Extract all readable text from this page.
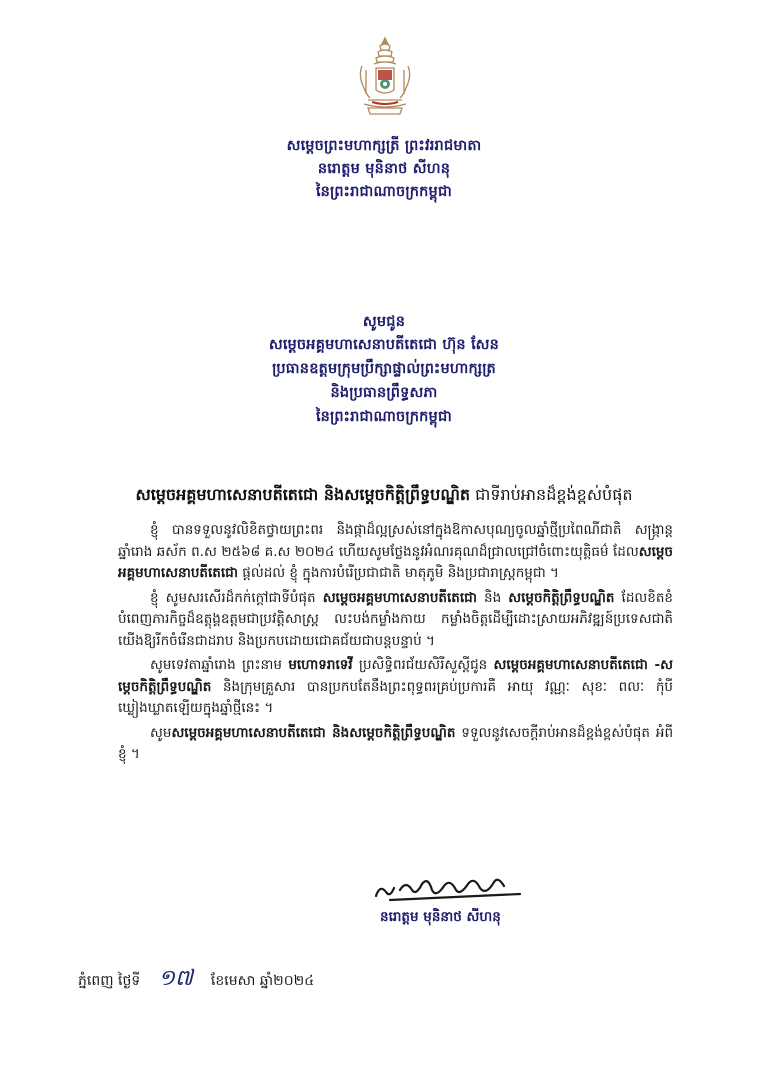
សម្តេចព្រះមហាក្សត្រី ព្រះវររាជមាតា
នរោត្តម មុនិនាថ សីហនុ
នៃព្រះរាជាណាចក្រកម្ពុជា
សូមជូន
សម្តេចអគ្គមហាសេនាបតីតេជោ ហ៊ុន សែន
ប្រធានឧត្តមក្រុមប្រឹក្សាផ្ទាល់ព្រះមហាក្សត្រ
និងប្រធានព្រឹទ្ធសភា
នៃព្រះរាជាណាចក្រកម្ពុជា
សម្តេចអគ្គមហាសេនាបតីតេជោ និងសម្តេចកិត្តិព្រឹទ្ធបណ្ឌិត ជាទីរាប់អានដ៏ខ្ពង់ខ្ពស់បំផុត

ខ្ញុំ បានទទួលនូវលិខិតថ្វាយព្រះពរ និងផ្កាដ៏ល្អស្រស់នៅក្នុងឱកាសបុណ្យចូលឆ្នាំថ្មីប្រពៃណីជាតិ សង្ក្រាន្ត ឆ្នាំរោង ឆស័ក ព.ស ២៥៦៨ គ.ស ២០២៤ ហើយសូមថ្លែងនូវអំណរគុណដ៏ជ្រាលជ្រៅចំពោះយុត្តិធម៌ ដែលសម្តេចអគ្គមហាសេនាបតីតេជោ ផ្តល់ដល់ ខ្ញុំ ក្នុងការបំរើប្រជាជាតិ មាតុភូមិ និងប្រជារាស្ត្រកម្ពុជា ។

ខ្ញុំ សូមសរសើរដ៏កក់ក្តៅជាទីបំផុត សម្តេចអគ្គមហាសេនាបតីតេជោ និង សម្តេចកិត្តិព្រឹទ្ធបណ្ឌិត ដែលខិតខំបំពេញភារកិច្ចដ៏ឧត្តុង្គឧត្តមជាប្រវត្តិសាស្ត្រ លះបង់កម្លាំងកាយ កម្លាំងចិត្តដើម្បីដោះស្រាយអភិវឌ្ឍន៍ប្រទេសជាតិយើងឱ្យរីកចំរើនជាដរាប និងប្រកបដោយជោគជ័យជាបន្តបន្ទាប់ ។

សូមទេវតាឆ្នាំរោង ព្រះនាម មហោទរាទេវី ប្រសិទ្ធិពរជ័យសិរីសួស្តីជូន សម្តេចអគ្គមហាសេនាបតីតេជោ -សម្តេចកិត្តិព្រឹទ្ធបណ្ឌិត និងក្រុមគ្រួសារ បានប្រកបតែនឹងព្រះពុទ្ធពរគ្រប់ប្រការគឺ អាយុ វណ្ណៈ សុខៈ ពលៈ កុំបីឃ្លៀងឃ្លាតឡើយក្នុងឆ្នាំថ្មីនេះ ។

សូមសម្តេចអគ្គមហាសេនាបតីតេជោ និងសម្តេចកិត្តិព្រឹទ្ធបណ្ឌិត ទទួលនូវសេចក្តីរាប់អានដ៏ខ្ពង់ខ្ពស់បំផុត អំពីខ្ញុំ ។

នរោត្តម មុនិនាថ សីហនុ
ភ្នំពេញ ថ្ងៃទី ១៧ ខែមេសា ឆ្នាំ២០២៤
